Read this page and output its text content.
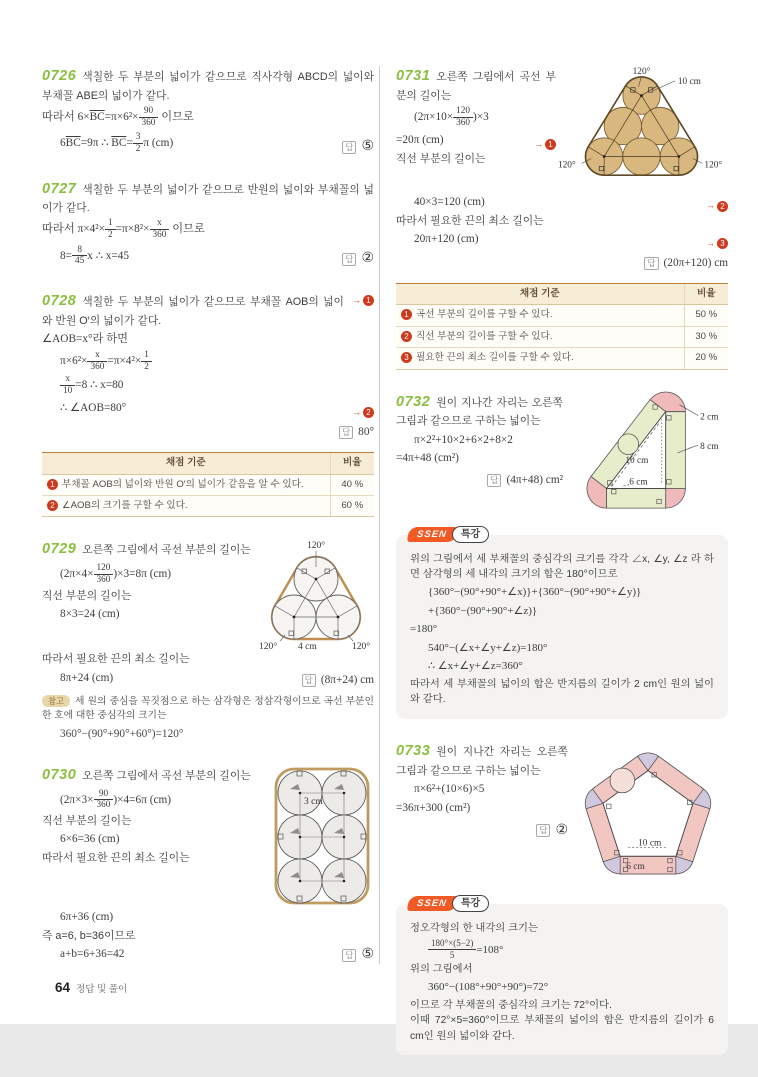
0726 색칠한 두 부분의 넓이가 같으므로 직사각형 ABCD의 넓이와 부채꼴 ABE의 넓이가 같다.

따라서 $6\times\overline{BC}=\pi\times 6^2\times \frac{90}{360}$ 이므로
$6\overline{BC}=9\pi$ ∴ $\overline{BC}= \frac{3}{2}$ π (cm)	답 ⑤

0727 색칠한 두 부분의 넓이가 같으므로 반원의 넓이와 부채꼴의 넓이가 같다.

따라서 $\pi\times 4^2\times \frac{1}{2} =\pi\times 8^2\times \frac{x}{360}$ 이므로
$8= \frac{8}{45}$ x ∴ x=45	답 ②

→ 1
0728 색칠한 두 부분의 넓이가 같으므로 부채꼴 AOB의 넓이와 반원 O′의 넓이가 같다.

∠AOB=x°라 하면
$\pi\times 6^2\times \frac{x}{360} =\pi\times 4^2\times \frac{1}{2}$
$\frac{x}{10} =8$ ∴ x=80
∴ ∠AOB=80°	→ 2
답 80°
채점 기준	비율
1 부채꼴 AOB의 넓이와 반원 O′의 넓이가 같음을 알 수 있다.	40 %
2 ∠AOB의 크기를 구할 수 있다.	60 %

0729 오른쪽 그림에서 곡선 부분의 길이는

$(2\pi\times 4\times \frac{120}{360} )\times 3=8\pi$ (cm)
직선 부분의 길이는
8×3=24 (cm)
120°
120° 4 cm	120°
따라서 필요한 끈의 최소 길이는
8π+24 (cm)	답 (8π+24) cm
참고 세 원의 중심을 꼭짓점으로 하는 삼각형은 정삼각형이므로 곡선 부분인 한 호에 대한 중심각의 크기는
360°−(90°+90°+60°)=120°

0730 오른쪽 그림에서 곡선 부분의 길이는

$(2\pi\times 3\times \frac{90}{360} )\times 4=6\pi$ (cm)
직선 부분의 길이는
6×6=36 (cm)
따라서 필요한 끈의 최소 길이는
3 cm
6π+36 (cm)
즉 a=6, b=36이므로
a+b=6+36=42	답 ⑤

0731 오른쪽 그림에서 곡선 부분의 길이는

$(2\pi\times 10\times \frac{120}{360} )\times 3$
=20π (cm)	→ 1
직선 부분의 길이는
120°
10 cm
120°	120°
40×3=120 (cm)	→ 2
따라서 필요한 끈의 최소 길이는
20π+120 (cm)	→ 3
답 (20π+120) cm
채점 기준	비율
1 곡선 부분의 길이를 구할 수 있다.	50 %
2 직선 부분의 길이를 구할 수 있다.	30 %
3 필요한 끈의 최소 길이를 구할 수 있다.	20 %

0732 원이 지나간 자리는 오른쪽 그림과 같으므로 구하는 넓이는

π×2²+10×2+6×2+8×2
=4π+48 (cm²)
답 (4π+48) cm²
2 cm
8 cm
10 cm
6 cm
SSEN	특강
위의 그림에서 세 부채꼴의 중심각의 크기를 각각 ∠x, ∠y, ∠z 라 하면 삼각형의 세 내각의 크기의 합은 180°이므로
{360°−(90°+90°+∠x)}+{360°−(90°+90°+∠y)}
+{360°−(90°+90°+∠z)}
=180°
540°−(∠x+∠y+∠z)=180°
∴ ∠x+∠y+∠z=360°
따라서 세 부채꼴의 넓이의 합은 반지름의 길이가 2 cm인 원의 넓이와 같다.

0733 원이 지나간 자리는 오른쪽 그림과 같으므로 구하는 넓이는

π×6²+(10×6)×5
=36π+300 (cm²)
답 ②
10 cm
6 cm
SSEN	특강
정오각형의 한 내각의 크기는
$\frac{180^\circ\times(5-2)}{5} =108^\circ$
위의 그림에서
360°−(108°+90°+90°)=72°
이므로 각 부채꼴의 중심각의 크기는 72°이다.
이때 72°×5=360°이므로 부채꼴의 넓이의 합은 반지름의 길이가 6 cm인 원의 넓이와 같다.
64 정답 및 풀이
